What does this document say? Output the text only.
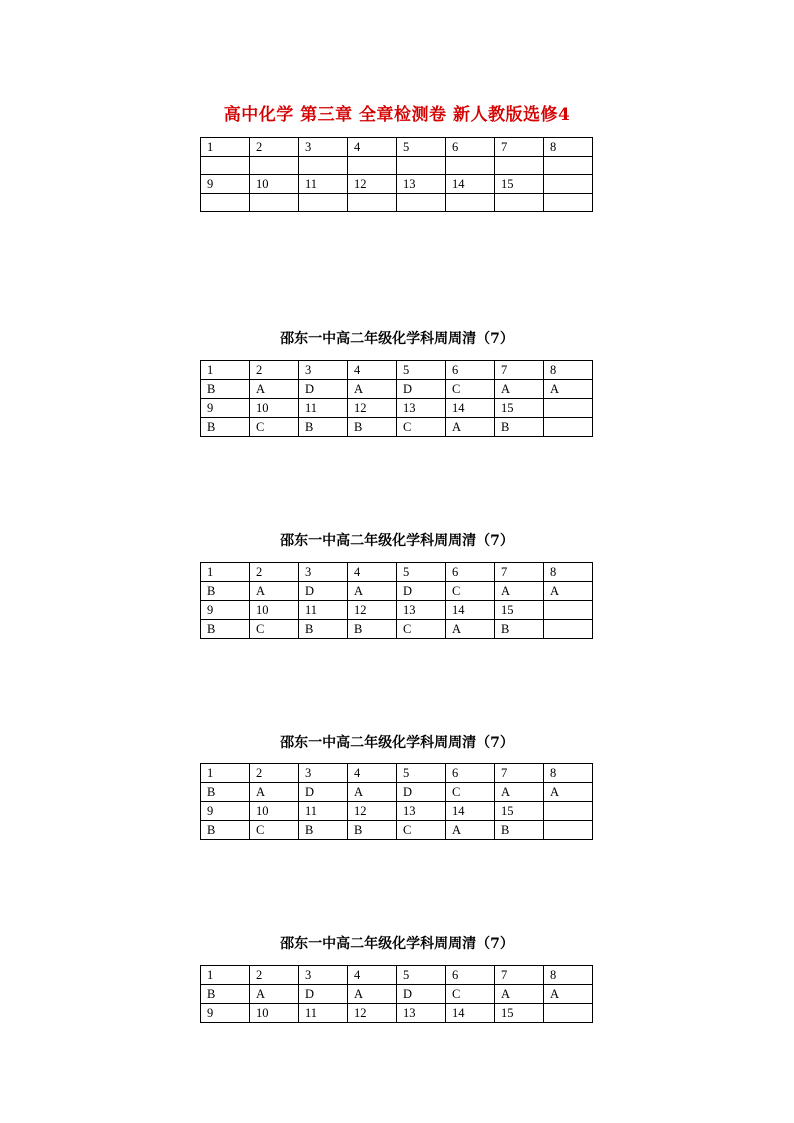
高中化学 第三章 全章检测卷 新人教版选修4
1	2	3	4	5	6	7	8

9	10	11	12	13	14	15	

邵东一中高二年级化学科周周清（7）
1	2	3	4	5	6	7	8
B	A	D	A	D	C	A	A
9	10	11	12	13	14	15	
B	C	B	B	C	A	B	
邵东一中高二年级化学科周周清（7）
1	2	3	4	5	6	7	8
B	A	D	A	D	C	A	A
9	10	11	12	13	14	15	
B	C	B	B	C	A	B	
邵东一中高二年级化学科周周清（7）
1	2	3	4	5	6	7	8
B	A	D	A	D	C	A	A
9	10	11	12	13	14	15	
B	C	B	B	C	A	B	
邵东一中高二年级化学科周周清（7）
1	2	3	4	5	6	7	8
B	A	D	A	D	C	A	A
9	10	11	12	13	14	15	
